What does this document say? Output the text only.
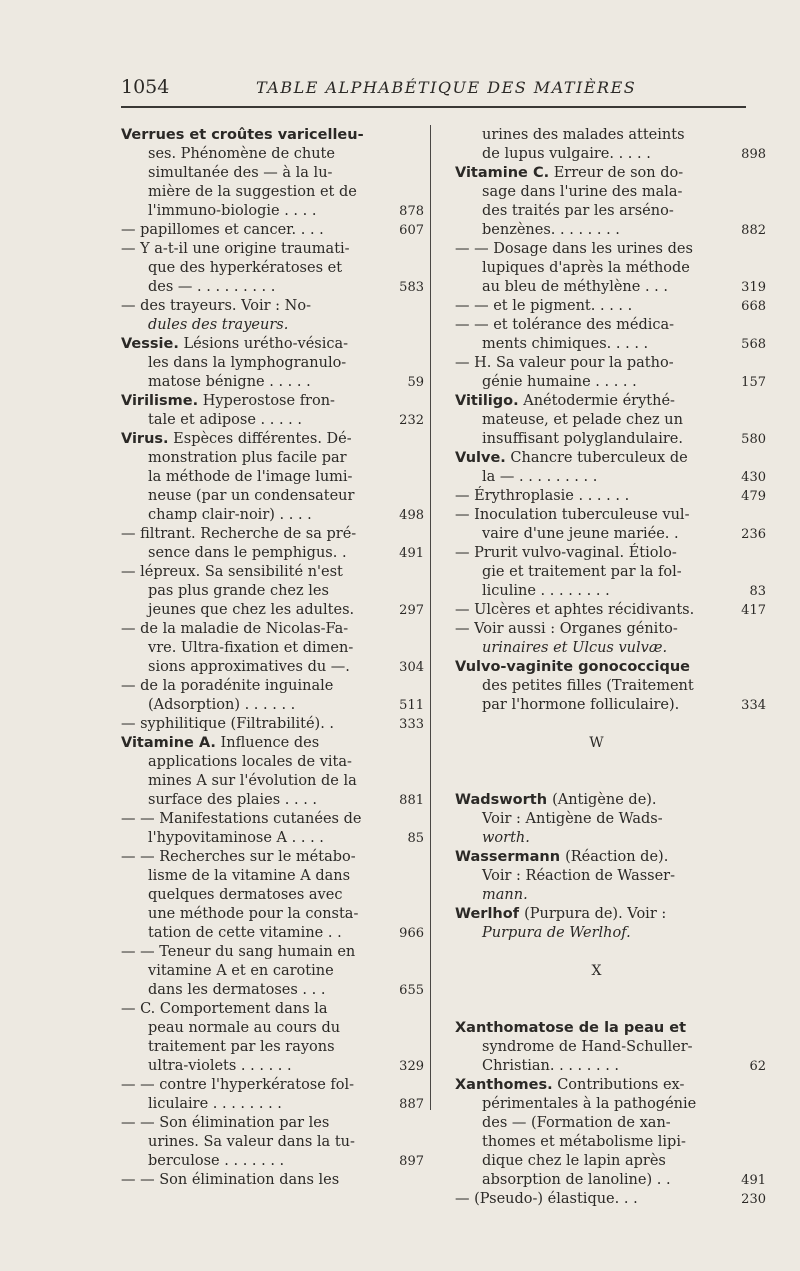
1054	TABLE ALPHABÉTIQUE DES MATIÈRES
Verrues et croûtes varicelleu-
ses. Phénomène de chute
simultanée des — à la lu-
mière de la suggestion et de
l'immuno-biologie . . . .	878
— papillomes et cancer. . . .	607
— Y a-t-il une origine traumati-
que des hyperkératoses et
des — . . . . . . . . .	583
— des trayeurs. Voir : No-
dules des trayeurs.
Vessie. Lésions urétho-vésica-
les dans la lymphogranulo-
matose bénigne . . . . .	59
Virilisme. Hyperostose fron-
tale et adipose . . . . .	232
Virus. Espèces différentes. Dé-
monstration plus facile par
la méthode de l'image lumi-
neuse (par un condensateur
champ clair-noir) . . . .	498
— filtrant. Recherche de sa pré-
sence dans le pemphigus. .	491
— lépreux. Sa sensibilité n'est
pas plus grande chez les
jeunes que chez les adultes.	297
— de la maladie de Nicolas-Fa-
vre. Ultra-fixation et dimen-
sions approximatives du —.	304
— de la poradénite inguinale
(Adsorption) . . . . . .	511
— syphilitique (Filtrabilité). .	333
Vitamine A. Influence des
applications locales de vita-
mines A sur l'évolution de la
surface des plaies . . . .	881
— — Manifestations cutanées de
l'hypovitaminose A . . . .	85
— — Recherches sur le métabo-
lisme de la vitamine A dans
quelques dermatoses avec
une méthode pour la consta-
tation de cette vitamine . .	966
— — Teneur du sang humain en
vitamine A et en carotine
dans les dermatoses . . .	655
— C. Comportement dans la
peau normale au cours du
traitement par les rayons
ultra-violets . . . . . .	329
— — contre l'hyperkératose fol-
liculaire . . . . . . . .	887
— — Son élimination par les
urines. Sa valeur dans la tu-
berculose . . . . . . .	897
— — Son élimination dans les
urines des malades atteints
de lupus vulgaire. . . . .	898
Vitamine C. Erreur de son do-
sage dans l'urine des mala-
des traités par les arséno-
benzènes. . . . . . . .	882
— — Dosage dans les urines des
lupiques d'après la méthode
au bleu de méthylène . . .	319
— — et le pigment. . . . .	668
— — et tolérance des médica-
ments chimiques. . . . .	568
— H. Sa valeur pour la patho-
génie humaine . . . . .	157
Vitiligo. Anétodermie érythé-
mateuse, et pelade chez un
insuffisant polyglandulaire.	580
Vulve. Chancre tuberculeux de
la — . . . . . . . . .	430
— Érythroplasie . . . . . .	479
— Inoculation tuberculeuse vul-
vaire d'une jeune mariée. .	236
— Prurit vulvo-vaginal. Étiolo-
gie et traitement par la fol-
liculine . . . . . . . .	83
— Ulcères et aphtes récidivants.	417
— Voir aussi : Organes génito-
urinaires et Ulcus vulvæ.
Vulvo-vaginite gonococcique
des petites filles (Traitement
par l'hormone folliculaire).	334
W
Wadsworth (Antigène de).
Voir : Antigène de Wads-
worth.
Wassermann (Réaction de).
Voir : Réaction de Wasser-
mann.
Werlhof (Purpura de). Voir :
Purpura de Werlhof.
X
Xanthomatose de la peau et
syndrome de Hand-Schuller-
Christian. . . . . . . .	62
Xanthomes. Contributions ex-
périmentales à la pathogénie
des — (Formation de xan-
thomes et métabolisme lipi-
dique chez le lapin après
absorption de lanoline) . .	491
— (Pseudo-) élastique. . .	230
